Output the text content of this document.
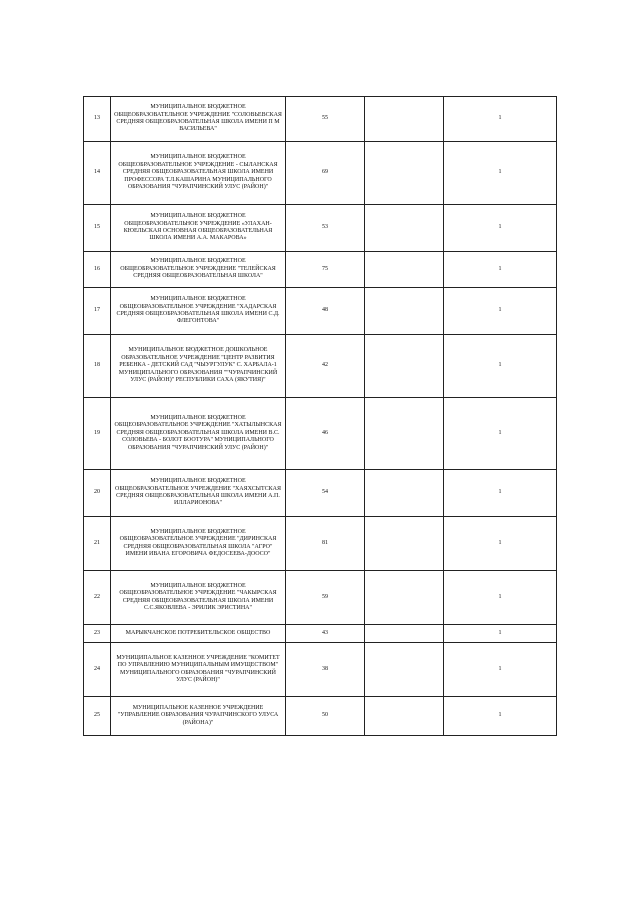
13	МУНИЦИПАЛЬНОЕ БЮДЖЕТНОЕ ОБЩЕОБРАЗОВАТЕЛЬНОЕ УЧРЕЖДЕНИЕ "СОЛОВЬЕВСКАЯ СРЕДНЯЯ ОБЩЕОБРАЗОВАТЕЛЬНАЯ ШКОЛА ИМЕНИ П М ВАСИЛЬЕВА"	55		1
14	МУНИЦИПАЛЬНОЕ БЮДЖЕТНОЕ ОБЩЕОБРАЗОВАТЕЛЬНОЕ УЧРЕЖДЕНИЕ - СЫЛАНСКАЯ СРЕДНЯЯ ОБЩЕОБРАЗОВАТЕЛЬНАЯ ШКОЛА ИМЕНИ ПРОФЕССОРА Т.Л.КАШАРИНА МУНИЦИПАЛЬНОГО ОБРАЗОВАНИЯ "ЧУРАПЧИНСКИЙ УЛУС (РАЙОН)"	69		1
15	МУНИЦИПАЛЬНОЕ БЮДЖЕТНОЕ ОБЩЕОБРАЗОВАТЕЛЬНОЕ УЧРЕЖДЕНИЕ «УЛАХАН-КЮЕЛЬСКАЯ ОСНОВНАЯ ОБЩЕОБРАЗОВАТЕЛЬНАЯ ШКОЛА ИМЕНИ А.А. МАКАРОВА»	53		1
16	МУНИЦИПАЛЬНОЕ БЮДЖЕТНОЕ ОБЩЕОБРАЗОВАТЕЛЬНОЕ УЧРЕЖДЕНИЕ "ТЕЛЕЙСКАЯ СРЕДНЯЯ ОБЩЕОБРАЗОВАТЕЛЬНАЯ ШКОЛА"	75		1
17	МУНИЦИПАЛЬНОЕ БЮДЖЕТНОЕ ОБЩЕОБРАЗОВАТЕЛЬНОЕ УЧРЕЖДЕНИЕ "ХАДАРСКАЯ СРЕДНЯЯ ОБЩЕОБРАЗОВАТЕЛЬНАЯ ШКОЛА ИМЕНИ С.Д. ФЛЕГОНТОВА"	48		1
18	МУНИЦИПАЛЬНОЕ БЮДЖЕТНОЕ ДОШКОЛЬНОЕ ОБРАЗОВАТЕЛЬНОЕ УЧРЕЖДЕНИЕ "ЦЕНТР РАЗВИТИЯ РЕБЕНКА - ДЕТСКИЙ САД "ЧЫУРГУЛУК" С. ХАРБАЛА-1 МУНИЦИПАЛЬНОГО ОБРАЗОВАНИЯ ""ЧУРАПЧИНСКИЙ УЛУС (РАЙОН)" РЕСПУБЛИКИ САХА (ЯКУТИЯ)"	42		1
19	МУНИЦИПАЛЬНОЕ БЮДЖЕТНОЕ ОБЩЕОБРАЗОВАТЕЛЬНОЕ УЧРЕЖДЕНИЕ "ХАТЫЛЫНСКАЯ СРЕДНЯЯ ОБЩЕОБРАЗОВАТЕЛЬНАЯ ШКОЛА ИМЕНИ В.С. СОЛОВЬЕВА - БОЛОТ БООТУРА" МУНИЦИПАЛЬНОГО ОБРАЗОВАНИЯ "ЧУРАПЧИНСКИЙ УЛУС (РАЙОН)"	46		1
20	МУНИЦИПАЛЬНОЕ БЮДЖЕТНОЕ ОБЩЕОБРАЗОВАТЕЛЬНОЕ УЧРЕЖДЕНИЕ "ХАЯХСЫТСКАЯ СРЕДНЯЯ ОБЩЕОБРАЗОВАТЕЛЬНАЯ ШКОЛА ИМЕНИ А.П. ИЛЛАРИОНОВА"	54		1
21	МУНИЦИПАЛЬНОЕ БЮДЖЕТНОЕ ОБЩЕОБРАЗОВАТЕЛЬНОЕ УЧРЕЖДЕНИЕ "ДИРИНСКАЯ СРЕДНЯЯ ОБЩЕОБРАЗОВАТЕЛЬНАЯ ШКОЛА "АГРО" ИМЕНИ ИВАНА ЕГОРОВИЧА ФЕДОСЕЕВА-ДООСО"	81		1
22	МУНИЦИПАЛЬНОЕ БЮДЖЕТНОЕ ОБЩЕОБРАЗОВАТЕЛЬНОЕ УЧРЕЖДЕНИЕ "ЧАКЫРСКАЯ СРЕДНЯЯ ОБЩЕОБРАЗОВАТЕЛЬНАЯ ШКОЛА ИМЕНИ С.С.ЯКОВЛЕВА - ЭРИЛИК ЭРИСТИНА"	59		1
23	МАРЫКЧАНСКОЕ ПОТРЕБИТЕЛЬСКОЕ ОБЩЕСТВО	43		1
24	МУНИЦИПАЛЬНОЕ КАЗЕННОЕ УЧРЕЖДЕНИЕ "КОМИТЕТ ПО УПРАВЛЕНИЮ МУНИЦИПАЛЬНЫМ ИМУЩЕСТВОМ" МУНИЦИПАЛЬНОГО ОБРАЗОВАНИЯ "ЧУРАПЧИНСКИЙ УЛУС (РАЙОН)"	38		1
25	МУНИЦИПАЛЬНОЕ КАЗЕННОЕ УЧРЕЖДЕНИЕ "УПРАВЛЕНИЕ ОБРАЗОВАНИЯ ЧУРАПЧИНСКОГО УЛУСА (РАЙОНА)"	50		1
